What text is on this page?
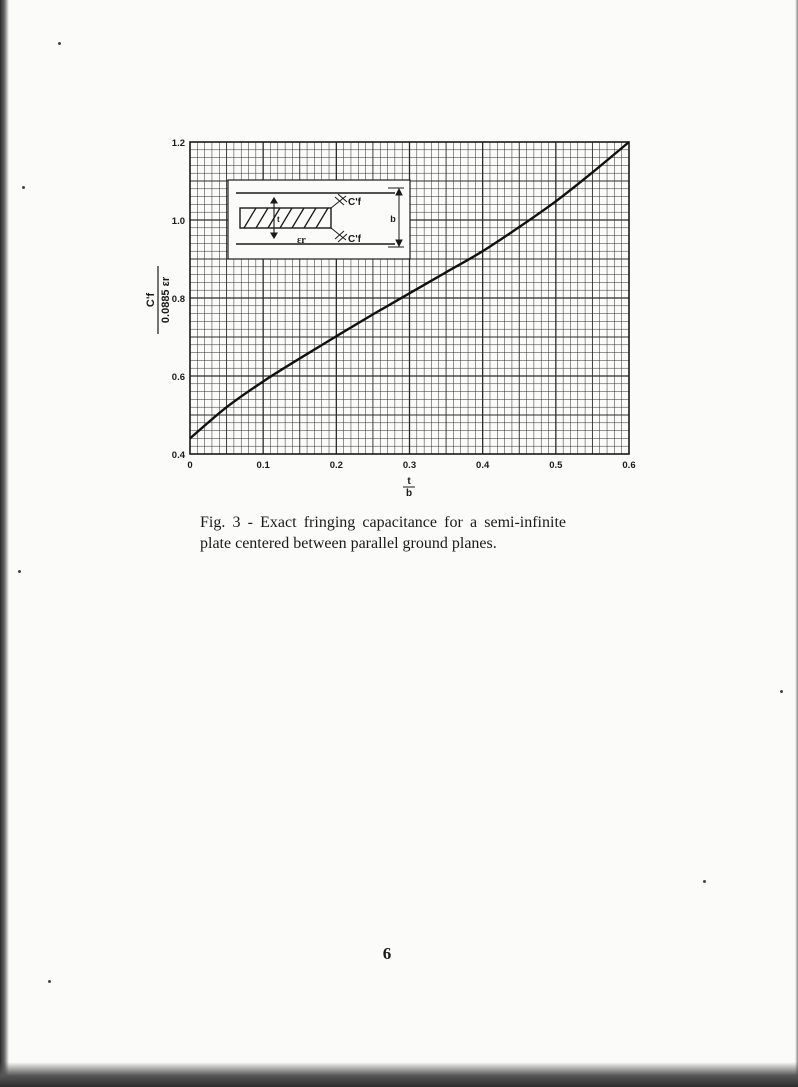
0	0.1	0.2	0.3	0.4	0.5	0.6
0.4
0.6
0.8
1.0
1.2
C'f 0.0885 εr
t
b
t
C'f
C'f
εr
b
Fig. 3 - Exact fringing capacitance for a semi-infinite plate centered between parallel ground planes.
6
